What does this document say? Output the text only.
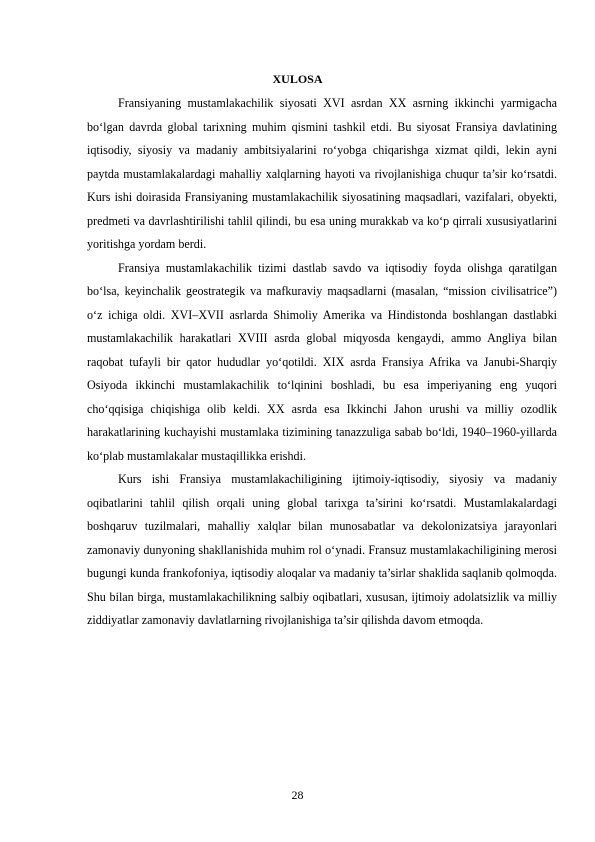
XULOSA

Fransiyaning mustamlakachilik siyosati XVI asrdan XX asrning ikkinchi yarmigacha bo‘lgan davrda global tarixning muhim qismini tashkil etdi. Bu siyosat Fransiya davlatining iqtisodiy, siyosiy va madaniy ambitsiyalarini ro‘yobga chiqarishga xizmat qildi, lekin ayni paytda mustamlakalardagi mahalliy xalqlarning hayoti va rivojlanishiga chuqur ta’sir ko‘rsatdi. Kurs ishi doirasida Fransiyaning mustamlakachilik siyosatining maqsadlari, vazifalari, obyekti, predmeti va davrlashtirilishi tahlil qilindi, bu esa uning murakkab va ko‘p qirrali xususiyatlarini yoritishga yordam berdi.

Fransiya mustamlakachilik tizimi dastlab savdo va iqtisodiy foyda olishga qaratilgan bo‘lsa, keyinchalik geostrategik va mafkuraviy maqsadlarni (masalan, “mission civilisatrice”) o‘z ichiga oldi. XVI–XVII asrlarda Shimoliy Amerika va Hindistonda boshlangan dastlabki mustamlakachilik harakatlari XVIII asrda global miqyosda kengaydi, ammo Angliya bilan raqobat tufayli bir qator hududlar yo‘qotildi. XIX asrda Fransiya Afrika va Janubi-Sharqiy Osiyoda ikkinchi mustamlakachilik to‘lqinini boshladi, bu esa imperiyaning eng yuqori cho‘qqisiga chiqishiga olib keldi. XX asrda esa Ikkinchi Jahon urushi va milliy ozodlik harakatlarining kuchayishi mustamlaka tizimining tanazzuliga sabab bo‘ldi, 1940–1960-yillarda ko‘plab mustamlakalar mustaqillikka erishdi.

Kurs ishi Fransiya mustamlakachiligining ijtimoiy-iqtisodiy, siyosiy va madaniy oqibatlarini tahlil qilish orqali uning global tarixga ta’sirini ko‘rsatdi. Mustamlakalardagi boshqaruv tuzilmalari, mahalliy xalqlar bilan munosabatlar va dekolonizatsiya jarayonlari zamonaviy dunyoning shakllanishida muhim rol o‘ynadi. Fransuz mustamlakachiligining merosi bugungi kunda frankofoniya, iqtisodiy aloqalar va madaniy ta’sirlar shaklida saqlanib qolmoqda. Shu bilan birga, mustamlakachilikning salbiy oqibatlari, xususan, ijtimoiy adolatsizlik va milliy ziddiyatlar zamonaviy davlatlarning rivojlanishiga ta’sir qilishda davom etmoqda.

28
